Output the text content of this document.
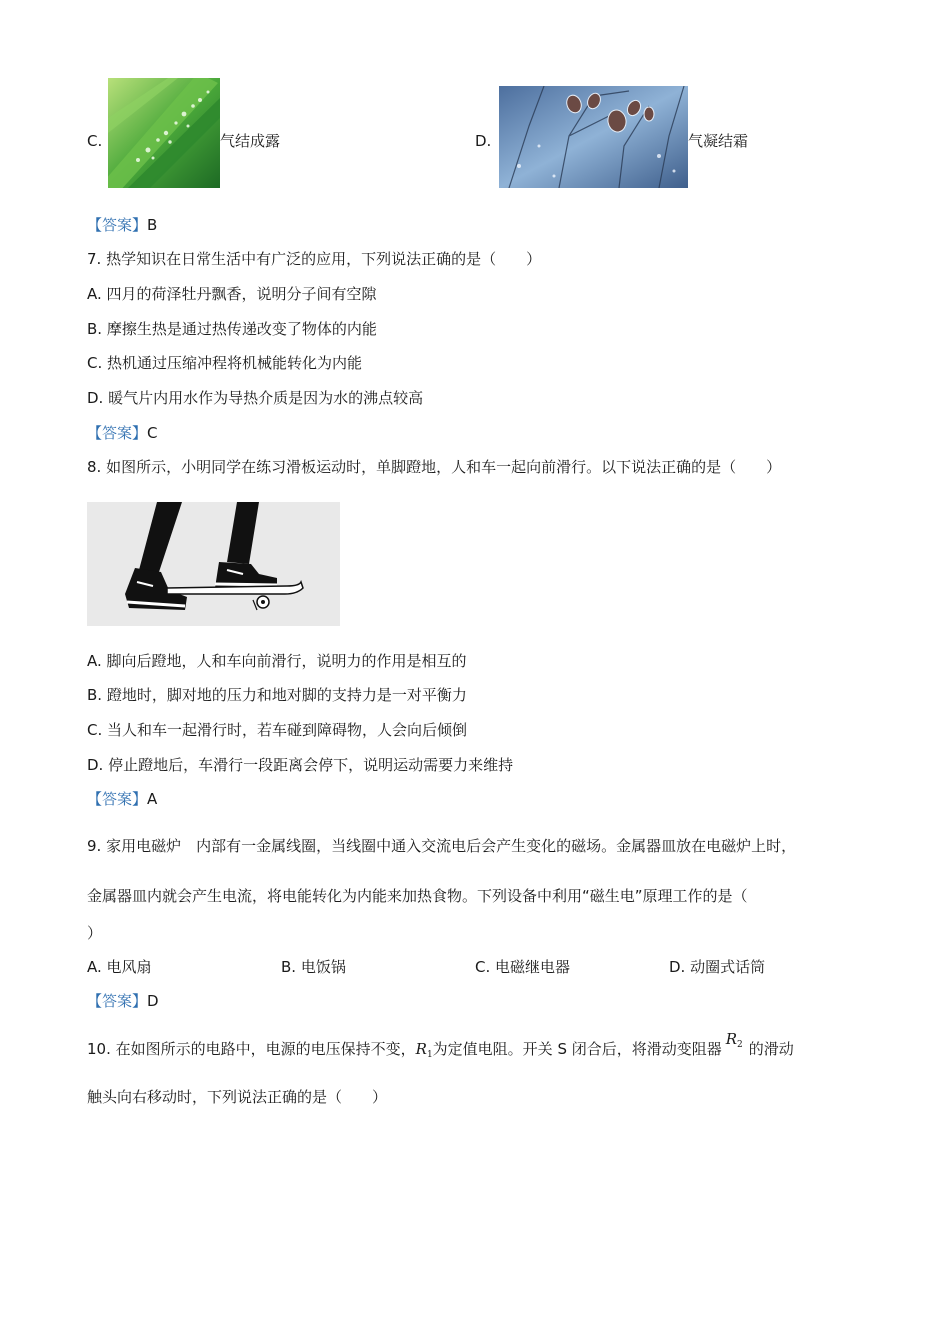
C.	气结成露	D.	气凝结霜
【答案】B
7. 热学知识在日常生活中有广泛的应用，下列说法正确的是（　　）
A. 四月的荷泽牡丹飘香，说明分子间有空隙
B. 摩擦生热是通过热传递改变了物体的内能
C. 热机通过压缩冲程将机械能转化为内能
D. 暖气片内用水作为导热介质是因为水的沸点较高
【答案】C
8. 如图所示，小明同学在练习滑板运动时，单脚蹬地，人和车一起向前滑行。以下说法正确的是（　　）
A. 脚向后蹬地，人和车向前滑行，说明力的作用是相互的
B. 蹬地时，脚对地的压力和地对脚的支持力是一对平衡力
C. 当人和车一起滑行时，若车碰到障碍物，人会向后倾倒
D. 停止蹬地后，车滑行一段距离会停下，说明运动需要力来维持
【答案】A
9. 家用电磁炉　内部有一金属线圈，当线圈中通入交流电后会产生变化的磁场。金属器皿放在电磁炉上时，
金属器皿内就会产生电流，将电能转化为内能来加热食物。下列设备中利用“磁生电”原理工作的是（
）
A. 电风扇	B. 电饭锅	C. 电磁继电器	D. 动圈式话筒
【答案】D
10. 在如图所示的电路中，电源的电压保持不变，$R_1$为定值电阻。开关 S 闭合后，将滑动变阻器$R_2$ 的滑动
触头向右移动时，下列说法正确的是（　　）
